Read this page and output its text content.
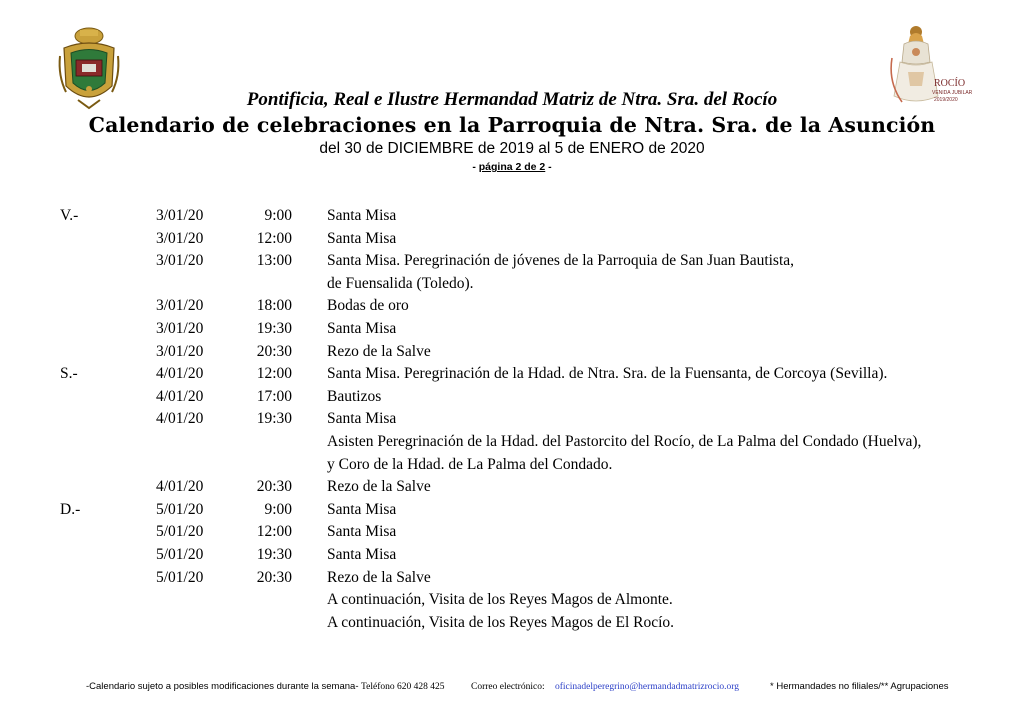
ROCÍO
VENIDA JUBILAR
2019/2020

Pontificia, Real e Ilustre Hermandad Matriz de Ntra. Sra. del Rocío

Calendario de celebraciones en la Parroquia de Ntra. Sra. de la Asunción

del 30 de DICIEMBRE de 2019 al 5 de ENERO de 2020
- página 2 de 2 -
V.-	3/01/20	9:00 Santa Misa
3/01/20	12:00 Santa Misa
3/01/20	13:00 Santa Misa. Peregrinación de jóvenes de la Parroquia de San Juan Bautista,
de Fuensalida (Toledo).
3/01/20	18:00 Bodas de oro
3/01/20	19:30 Santa Misa
3/01/20	20:30 Rezo de la Salve
S.-	4/01/20	12:00 Santa Misa. Peregrinación de la Hdad. de Ntra. Sra. de la Fuensanta, de Corcoya (Sevilla).
4/01/20	17:00 Bautizos
4/01/20	19:30 Santa Misa
Asisten Peregrinación de la Hdad. del Pastorcito del Rocío, de La Palma del Condado (Huelva),
y Coro de la Hdad. de La Palma del Condado.
4/01/20	20:30 Rezo de la Salve
D.-	5/01/20	9:00 Santa Misa
5/01/20	12:00 Santa Misa
5/01/20	19:30 Santa Misa
5/01/20	20:30 Rezo de la Salve
A continuación, Visita de los Reyes Magos de Almonte.
A continuación, Visita de los Reyes Magos de El Rocío.
-Calendario sujeto a posibles modificaciones durante la semana- Teléfono 620 428 425	Correo electrónico: oficinadelperegrino@hermandadmatrizrocio.org	* Hermandades no filiales/** Agrupaciones
